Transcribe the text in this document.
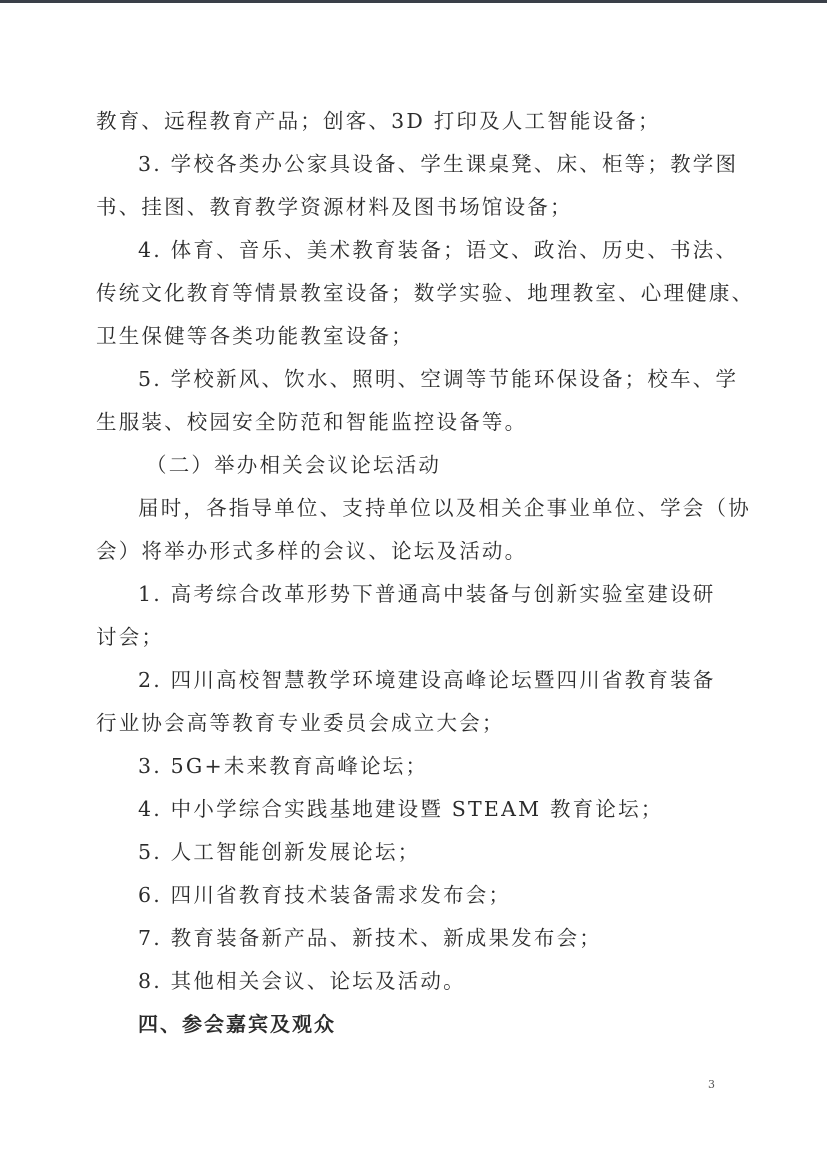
教育、远程教育产品；创客、3D 打印及人工智能设备；
3. 学校各类办公家具设备、学生课桌凳、床、柜等；教学图
书、挂图、教育教学资源材料及图书场馆设备；
4. 体育、音乐、美术教育装备；语文、政治、历史、书法、
传统文化教育等情景教室设备；数学实验、地理教室、心理健康、
卫生保健等各类功能教室设备；
5. 学校新风、饮水、照明、空调等节能环保设备；校车、学
生服装、校园安全防范和智能监控设备等。
（二）举办相关会议论坛活动
届时，各指导单位、支持单位以及相关企事业单位、学会（协
会）将举办形式多样的会议、论坛及活动。
1. 高考综合改革形势下普通高中装备与创新实验室建设研
讨会；
2. 四川高校智慧教学环境建设高峰论坛暨四川省教育装备
行业协会高等教育专业委员会成立大会；
3. 5G+未来教育高峰论坛；
4. 中小学综合实践基地建设暨 STEAM 教育论坛；
5. 人工智能创新发展论坛；
6. 四川省教育技术装备需求发布会；
7. 教育装备新产品、新技术、新成果发布会；
8. 其他相关会议、论坛及活动。
四、参会嘉宾及观众
3
